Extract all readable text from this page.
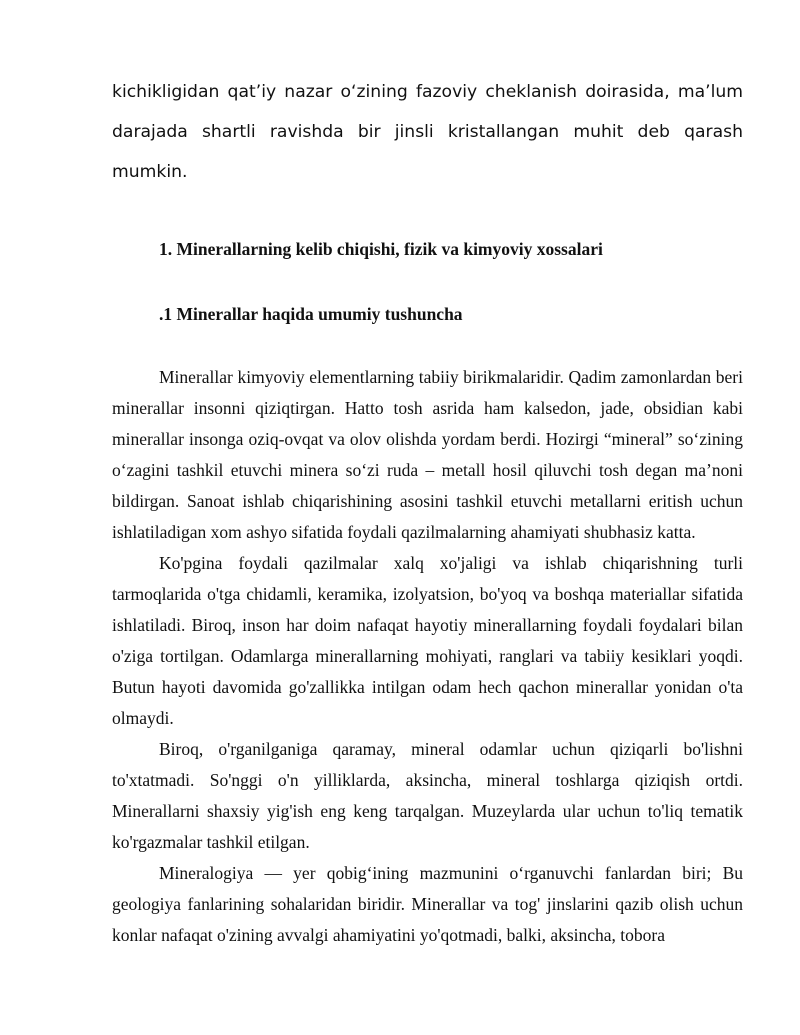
kichikligidan qat’iy nazar o‘zining fazoviy cheklanish doirasida, ma’lum darajada shartli ravishda bir jinsli kristallangan muhit deb qarash mumkin.

1. Minerallarning kelib chiqishi, fizik va kimyoviy xossalari
.1 Minerallar haqida umumiy tushuncha

Minerallar kimyoviy elementlarning tabiiy birikmalaridir. Qadim zamonlardan beri minerallar insonni qiziqtirgan. Hatto tosh asrida ham kalsedon, jade, obsidian kabi minerallar insonga oziq-ovqat va olov olishda yordam berdi. Hozirgi “mineral” so‘zining o‘zagini tashkil etuvchi minera so‘zi ruda – metall hosil qiluvchi tosh degan ma’noni bildirgan. Sanoat ishlab chiqarishining asosini tashkil etuvchi metallarni eritish uchun ishlatiladigan xom ashyo sifatida foydali qazilmalarning ahamiyati shubhasiz katta.

Ko'pgina foydali qazilmalar xalq xo'jaligi va ishlab chiqarishning turli tarmoqlarida o'tga chidamli, keramika, izolyatsion, bo'yoq va boshqa materiallar sifatida ishlatiladi. Biroq, inson har doim nafaqat hayotiy minerallarning foydali foydalari bilan o'ziga tortilgan. Odamlarga minerallarning mohiyati, ranglari va tabiiy kesiklari yoqdi. Butun hayoti davomida go'zallikka intilgan odam hech qachon minerallar yonidan o'ta olmaydi.

Biroq, o'rganilganiga qaramay, mineral odamlar uchun qiziqarli bo'lishni to'xtatmadi. So'nggi o'n yilliklarda, aksincha, mineral toshlarga qiziqish ortdi. Minerallarni shaxsiy yig'ish eng keng tarqalgan. Muzeylarda ular uchun to'liq tematik ko'rgazmalar tashkil etilgan.

Mineralogiya — yer qobig‘ining mazmunini o‘rganuvchi fanlardan biri; Bu geologiya fanlarining sohalaridan biridir. Minerallar va tog' jinslarini qazib olish uchun konlar nafaqat o'zining avvalgi ahamiyatini yo'qotmadi, balki, aksincha, tobora
